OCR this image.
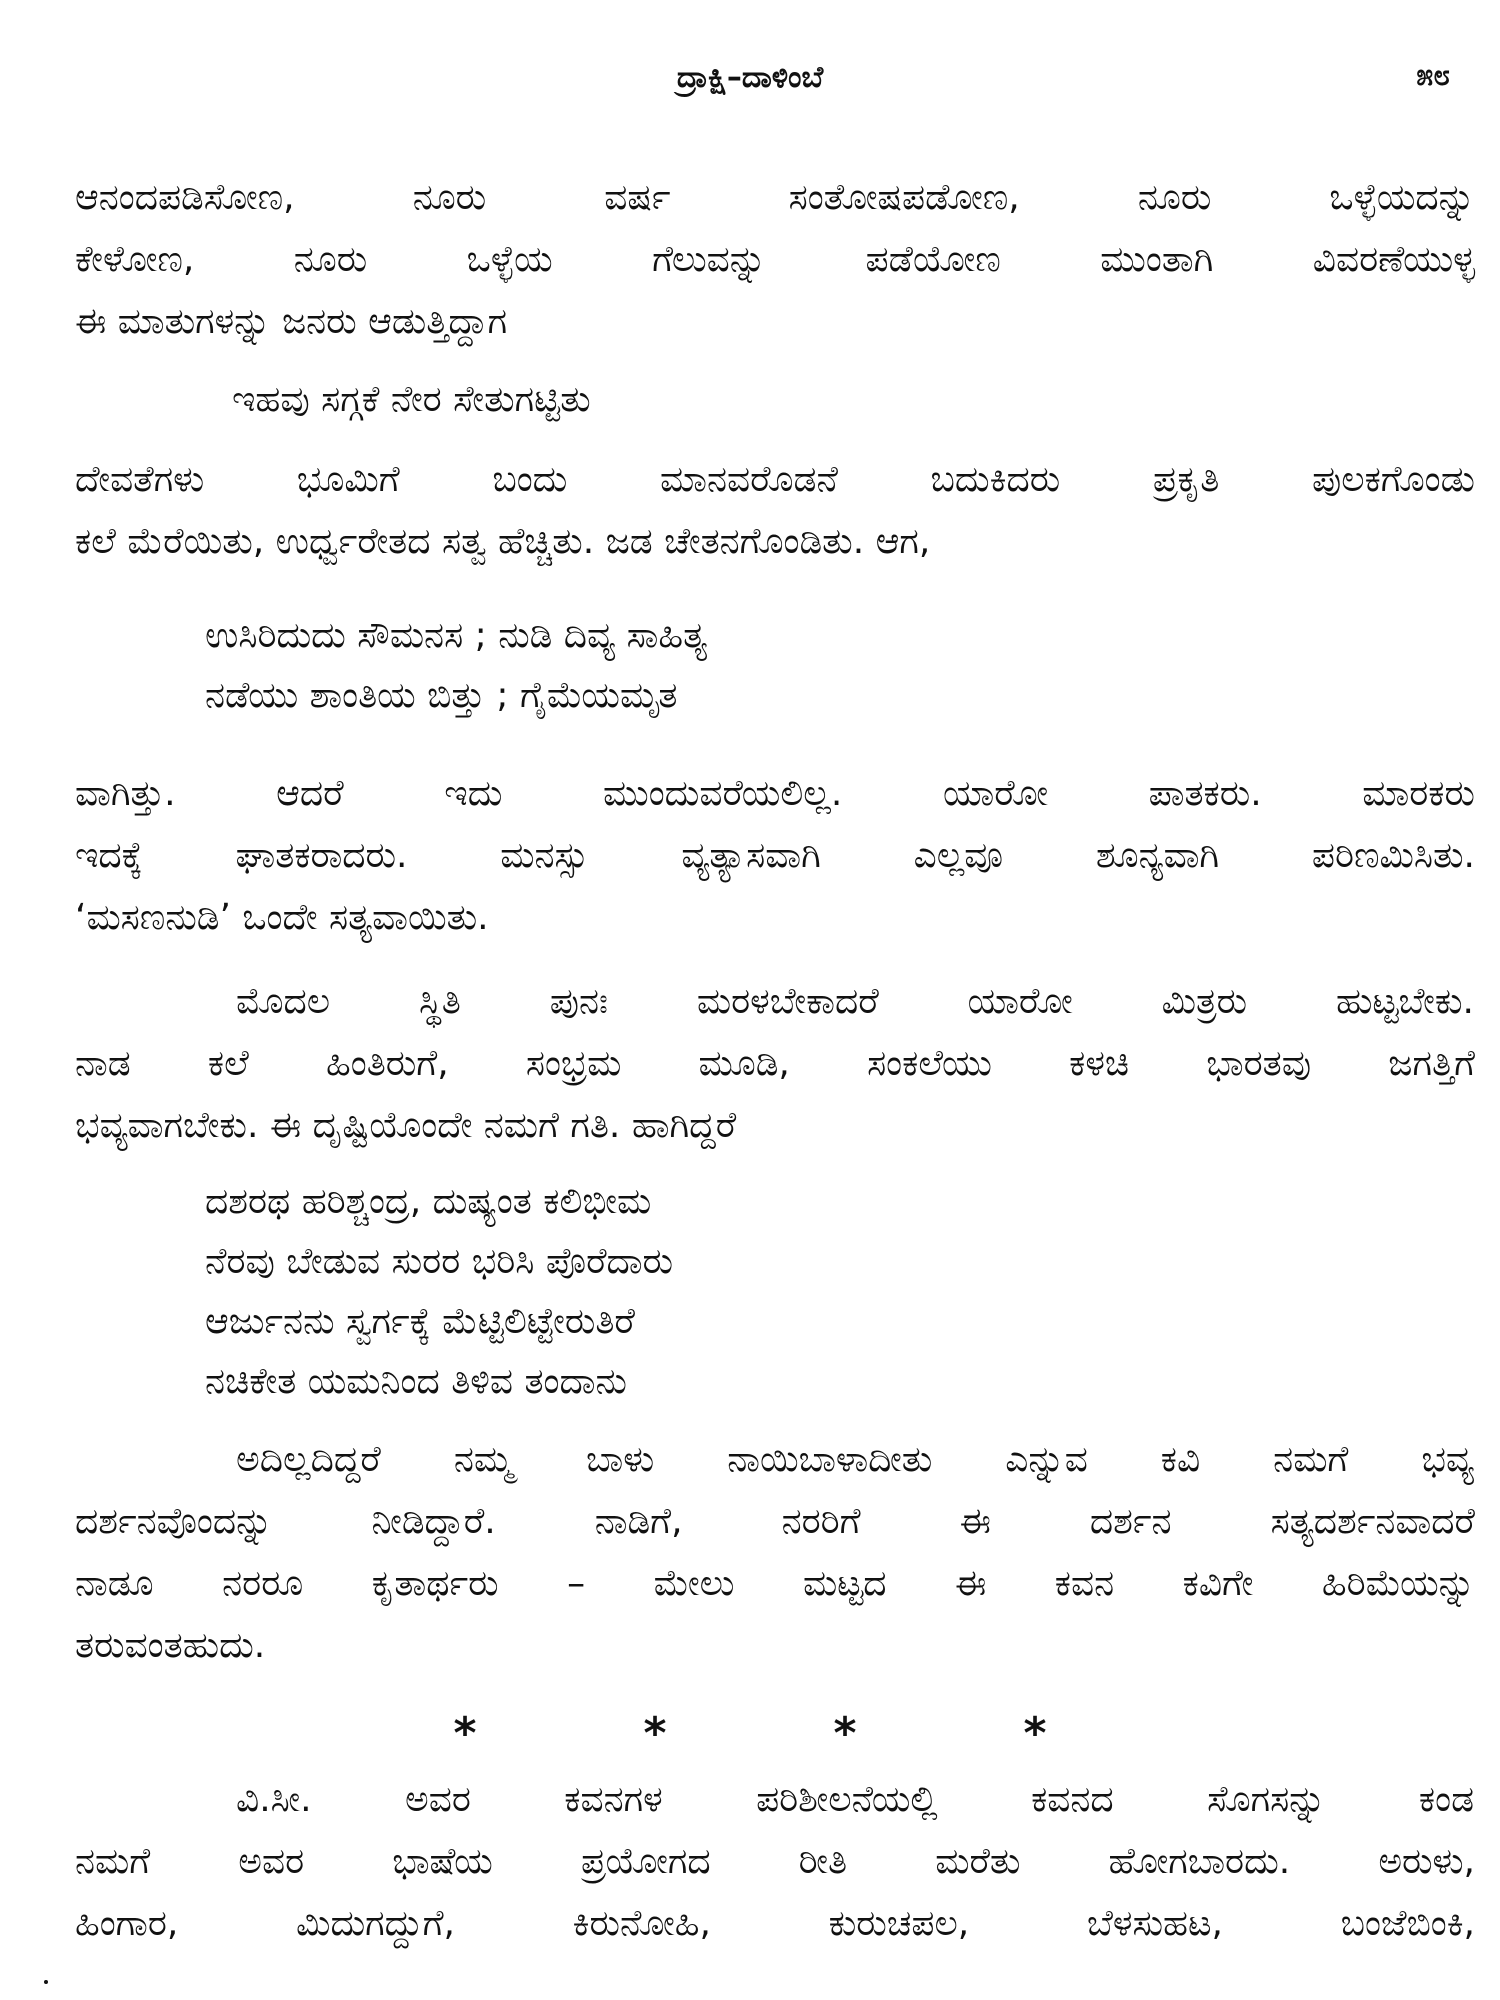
ದ್ರಾಕ್ಷಿ–ದಾಳಿಂಬೆ	೫೮
ಆನಂದಪಡಿಸೋಣ, ನೂರು ವರ್ಷ ಸಂತೋಷಪಡೋಣ, ನೂರು ಒಳ್ಳೆಯದನ್ನು
ಕೇಳೋಣ, ನೂರು ಒಳ್ಳೆಯ ಗೆಲುವನ್ನು ಪಡೆಯೋಣ ಮುಂತಾಗಿ ವಿವರಣೆಯುಳ್ಳ
ಈ ಮಾತುಗಳನ್ನು ಜನರು ಆಡುತ್ತಿದ್ದಾಗ
ಇಹವು ಸಗ್ಗಕೆ ನೇರ ಸೇತುಗಟ್ಟಿತು
ದೇವತೆಗಳು ಭೂಮಿಗೆ ಬಂದು ಮಾನವರೊಡನೆ ಬದುಕಿದರು ಪ್ರಕೃತಿ ಪುಲಕಗೊಂಡು
ಕಲೆ ಮೆರೆಯಿತು, ಉರ್ಧ್ವರೇತದ ಸತ್ವ ಹೆಚ್ಚಿತು. ಜಡ ಚೇತನಗೊಂಡಿತು. ಆಗ,
ಉಸಿರಿದುದು ಸೌಮನಸ ; ನುಡಿ ದಿವ್ಯ ಸಾಹಿತ್ಯ
ನಡೆಯು ಶಾಂತಿಯ ಬಿತ್ತು ; ಗೈಮೆಯಮೃತ
ವಾಗಿತ್ತು. ಆದರೆ ಇದು ಮುಂದುವರೆಯಲಿಲ್ಲ. ಯಾರೋ ಪಾತಕರು. ಮಾರಕರು
ಇದಕ್ಕೆ ಘಾತಕರಾದರು. ಮನಸ್ಸು ವ್ಯತ್ಯಾಸವಾಗಿ ಎಲ್ಲವೂ ಶೂನ್ಯವಾಗಿ ಪರಿಣಮಿಸಿತು.
‘ಮಸಣನುಡಿ’ ಒಂದೇ ಸತ್ಯವಾಯಿತು.
ಮೊದಲ ಸ್ಥಿತಿ ಪುನಃ ಮರಳಬೇಕಾದರೆ ಯಾರೋ ಮಿತ್ರರು ಹುಟ್ಟಬೇಕು.
ನಾಡ ಕಲೆ ಹಿಂತಿರುಗೆ, ಸಂಭ್ರಮ ಮೂಡಿ, ಸಂಕಲೆಯು ಕಳಚಿ ಭಾರತವು ಜಗತ್ತಿಗೆ
ಭವ್ಯವಾಗಬೇಕು. ಈ ದೃಷ್ಟಿಯೊಂದೇ ನಮಗೆ ಗತಿ. ಹಾಗಿದ್ದರೆ
ದಶರಥ ಹರಿಶ್ಚಂದ್ರ, ದುಷ್ಯಂತ ಕಲಿಭೀಮ
ನೆರವು ಬೇಡುವ ಸುರರ ಭರಿಸಿ ಪೊರೆದಾರು
ಆರ್ಜುನನು ಸ್ವರ್ಗಕ್ಕೆ ಮೆಟ್ಟಿಲಿಟ್ಟೇರುತಿರೆ
ನಚಿಕೇತ ಯಮನಿಂದ ತಿಳಿವ ತಂದಾನು
ಅದಿಲ್ಲದಿದ್ದರೆ ನಮ್ಮ ಬಾಳು ನಾಯಿಬಾಳಾದೀತು ಎನ್ನುವ ಕವಿ ನಮಗೆ ಭವ್ಯ
ದರ್ಶನವೊಂದನ್ನು ನೀಡಿದ್ದಾರೆ. ನಾಡಿಗೆ, ನರರಿಗೆ ಈ ದರ್ಶನ ಸತ್ಯದರ್ಶನವಾದರೆ
ನಾಡೂ ನರರೂ ಕೃತಾರ್ಥರು – ಮೇಲು ಮಟ್ಟದ ಈ ಕವನ ಕವಿಗೇ ಹಿರಿಮೆಯನ್ನು
ತರುವಂತಹುದು.
*	*	*	*
ವಿ.ಸೀ. ಅವರ ಕವನಗಳ ಪರಿಶೀಲನೆಯಲ್ಲಿ ಕವನದ ಸೊಗಸನ್ನು ಕಂಡ
ನಮಗೆ ಅವರ ಭಾಷೆಯ ಪ್ರಯೋಗದ ರೀತಿ ಮರೆತು ಹೋಗಬಾರದು. ಅರುಳು,
ಹಿಂಗಾರ, ಮಿದುಗದ್ದುಗೆ, ಕಿರುನೋಹಿ, ಕುರುಚಪಲ, ಬೆಳಸುಹಟ, ಬಂಜೆಬಿಂಕಿ,
